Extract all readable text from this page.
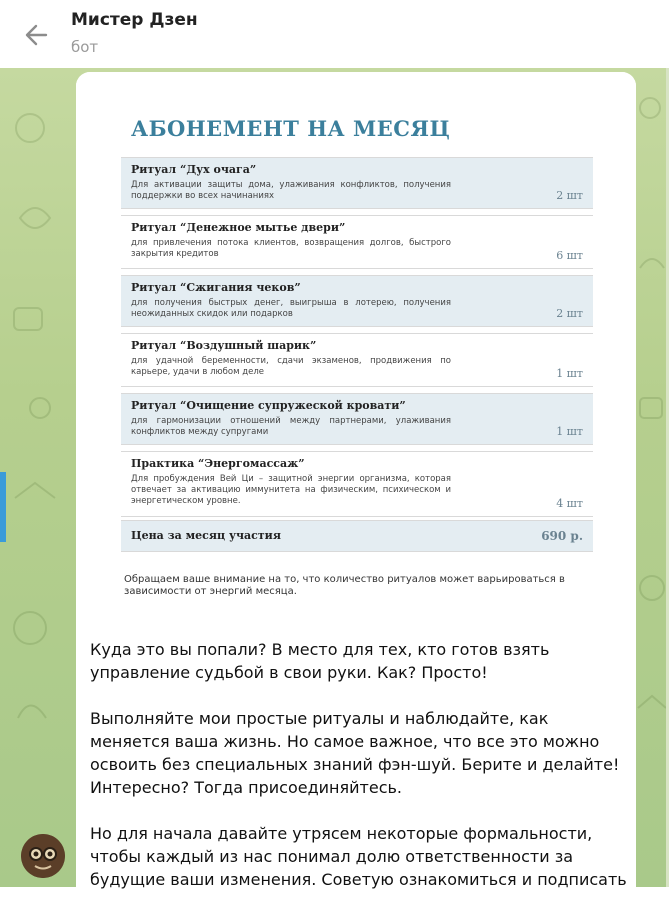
Мистер Дзен
бот
АБОНЕМЕНТ НА МЕСЯЦ
Ритуал “Дух очага”
Для активации защиты дома, улаживания конфликтов, получения поддержки во всех начинаниях	2 шт
Ритуал “Денежное мытье двери”
для привлечения потока клиентов, возвращения долгов, быстрого закрытия кредитов	6 шт
Ритуал “Сжигания чеков”
для получения быстрых денег, выигрыша в лотерею, получения неожиданных скидок или подарков	2 шт
Ритуал “Воздушный шарик”
для удачной беременности, сдачи экзаменов, продвижения по карьере, удачи в любом деле	1 шт
Ритуал “Очищение супружеской кровати”
для гармонизации отношений между партнерами, улаживания конфликтов между супругами	1 шт
Практика “Энергомассаж”
Для пробуждения Вей Ци – защитной энергии организма, которая отвечает за активацию иммунитета на физическим, психическом и энергетическом уровне.	4 шт
Цена за месяц участия	690 р.
Обращаем ваше внимание на то, что количество ритуалов может варьироваться в зависимости от энергий месяца.

Куда это вы попали? В место для тех, кто готов взять управление судьбой в свои руки. Как? Просто!

Выполняйте мои простые ритуалы и наблюдайте, как меняется ваша жизнь. Но самое важное, что все это можно освоить без специальных знаний фэн-шуй. Берите и делайте! Интересно? Тогда присоединяйтесь.

Но для начала давайте утрясем некоторые формальности, чтобы каждый из нас понимал долю ответственности за будущие ваши изменения. Советую ознакомиться и подписать
